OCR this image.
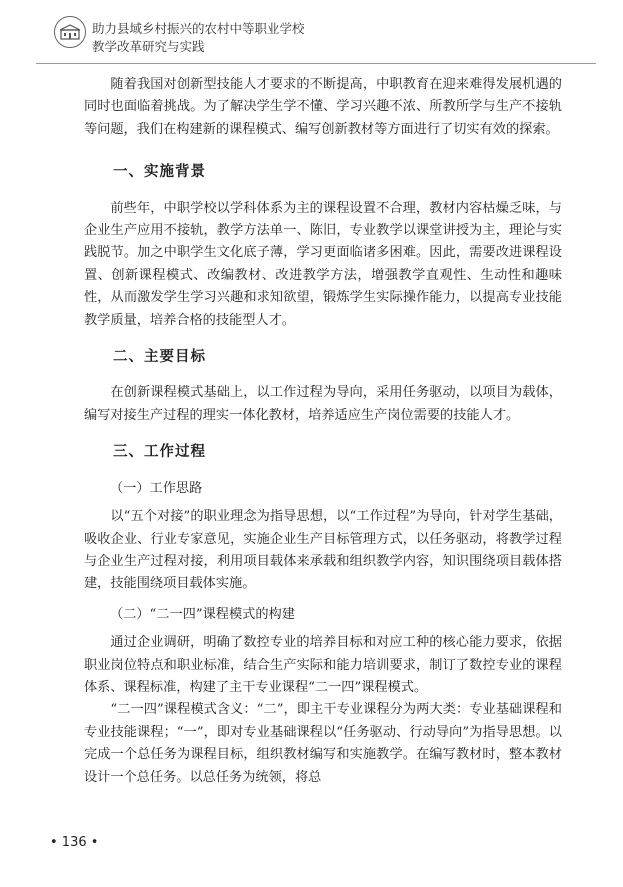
助力县域乡村振兴的农村中等职业学校
教学改革研究与实践

随着我国对创新型技能人才要求的不断提高，中职教育在迎来难得发展机遇的同时也面临着挑战。为了解决学生学不懂、学习兴趣不浓、所教所学与生产不接轨等问题，我们在构建新的课程模式、编写创新教材等方面进行了切实有效的探索。

一、实施背景

前些年，中职学校以学科体系为主的课程设置不合理，教材内容枯燥乏味，与企业生产应用不接轨，教学方法单一、陈旧，专业教学以课堂讲授为主，理论与实践脱节。加之中职学生文化底子薄，学习更面临诸多困难。因此，需要改进课程设置、创新课程模式、改编教材、改进教学方法，增强教学直观性、生动性和趣味性，从而激发学生学习兴趣和求知欲望，锻炼学生实际操作能力，以提高专业技能教学质量，培养合格的技能型人才。

二、主要目标

在创新课程模式基础上，以工作过程为导向，采用任务驱动，以项目为载体，编写对接生产过程的理实一体化教材，培养适应生产岗位需要的技能人才。

三、工作过程

（一）工作思路

以“五个对接”的职业理念为指导思想，以“工作过程”为导向，针对学生基础，吸收企业、行业专家意见，实施企业生产目标管理方式，以任务驱动，将教学过程与企业生产过程对接，利用项目载体来承载和组织教学内容，知识围绕项目载体搭建，技能围绕项目载体实施。

（二）“二一四”课程模式的构建

通过企业调研，明确了数控专业的培养目标和对应工种的核心能力要求，依据职业岗位特点和职业标准，结合生产实际和能力培训要求，制订了数控专业的课程体系、课程标准，构建了主干专业课程“二一四”课程模式。

“二一四”课程模式含义：“二”，即主干专业课程分为两大类：专业基础课程和专业技能课程；“一”，即对专业基础课程以“任务驱动、行动导向”为指导思想。以完成一个总任务为课程目标，组织教材编写和实施教学。在编写教材时，整本教材设计一个总任务。以总任务为统领，将总

• 136 •
